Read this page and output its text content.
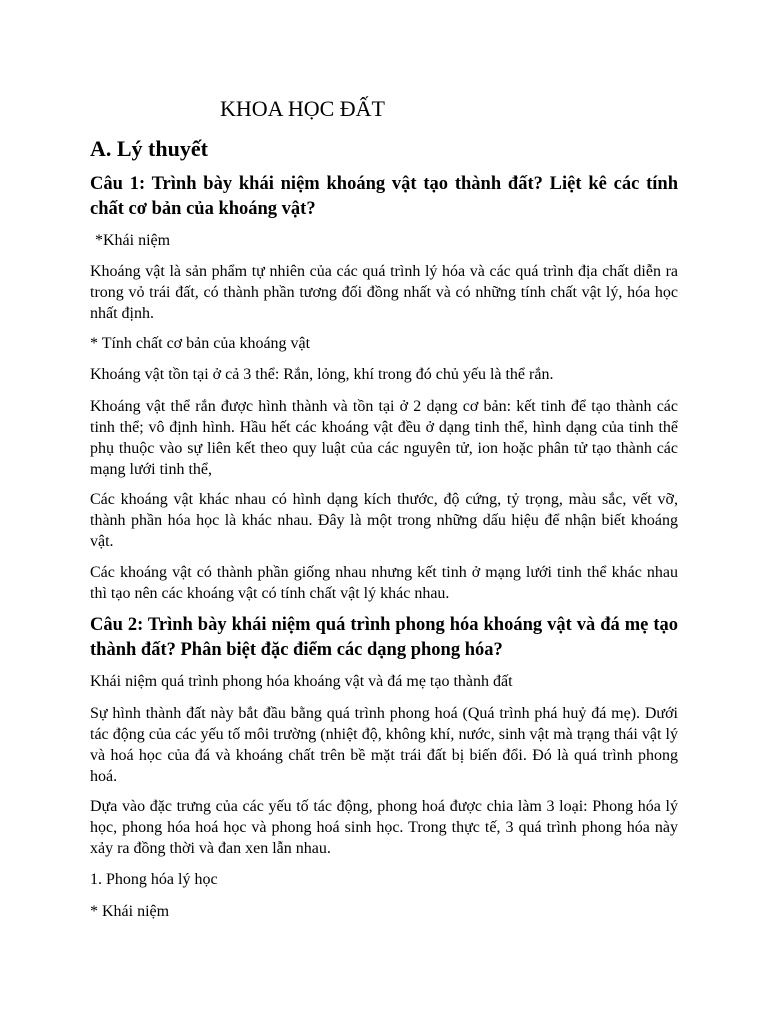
KHOA HỌC ĐẤT
A. Lý thuyết
Câu 1: Trình bày khái niệm khoáng vật tạo thành đất? Liệt kê các tính chất cơ bản của khoáng vật?
*Khái niệm
Khoáng vật là sản phẩm tự nhiên của các quá trình lý hóa và các quá trình địa chất diễn ra trong vỏ trái đất, có thành phần tương đối đồng nhất và có những tính chất vật lý, hóa học nhất định.
* Tính chất cơ bản của khoáng vật
Khoáng vật tồn tại ở cả 3 thể: Rắn, lỏng, khí trong đó chủ yếu là thể rắn.
Khoáng vật thể rắn được hình thành và tồn tại ở 2 dạng cơ bản: kết tinh để tạo thành các tinh thể; vô định hình. Hầu hết các khoáng vật đều ở dạng tinh thể, hình dạng của tinh thể phụ thuộc vào sự liên kết theo quy luật của các nguyên tử, ion hoặc phân tử tạo thành các mạng lưới tinh thể,
Các khoáng vật khác nhau có hình dạng kích thước, độ cứng, tỷ trọng, màu sắc, vết vỡ, thành phần hóa học là khác nhau. Đây là một trong những dấu hiệu để nhận biết khoáng vật.
Các khoáng vật có thành phần giống nhau nhưng kết tinh ở mạng lưới tinh thể khác nhau thì tạo nên các khoáng vật có tính chất vật lý khác nhau.
Câu 2: Trình bày khái niệm quá trình phong hóa khoáng vật và đá mẹ tạo thành đất? Phân biệt đặc điểm các dạng phong hóa?
Khái niệm quá trình phong hóa khoáng vật và đá mẹ tạo thành đất
Sự hình thành đất này bắt đầu bằng quá trình phong hoá (Quá trình phá huỷ đá mẹ). Dưới tác động của các yếu tố môi trường (nhiệt độ, không khí, nước, sinh vật mà trạng thái vật lý và hoá học của đá và khoáng chất trên bề mặt trái đất bị biến đổi. Đó là quá trình phong hoá.
Dựa vào đặc trưng của các yếu tố tác động, phong hoá được chia làm 3 loại: Phong hóa lý học, phong hóa hoá học và phong hoá sinh học. Trong thực tế, 3 quá trình phong hóa này xảy ra đồng thời và đan xen lẫn nhau.
1. Phong hóa lý học
* Khái niệm
